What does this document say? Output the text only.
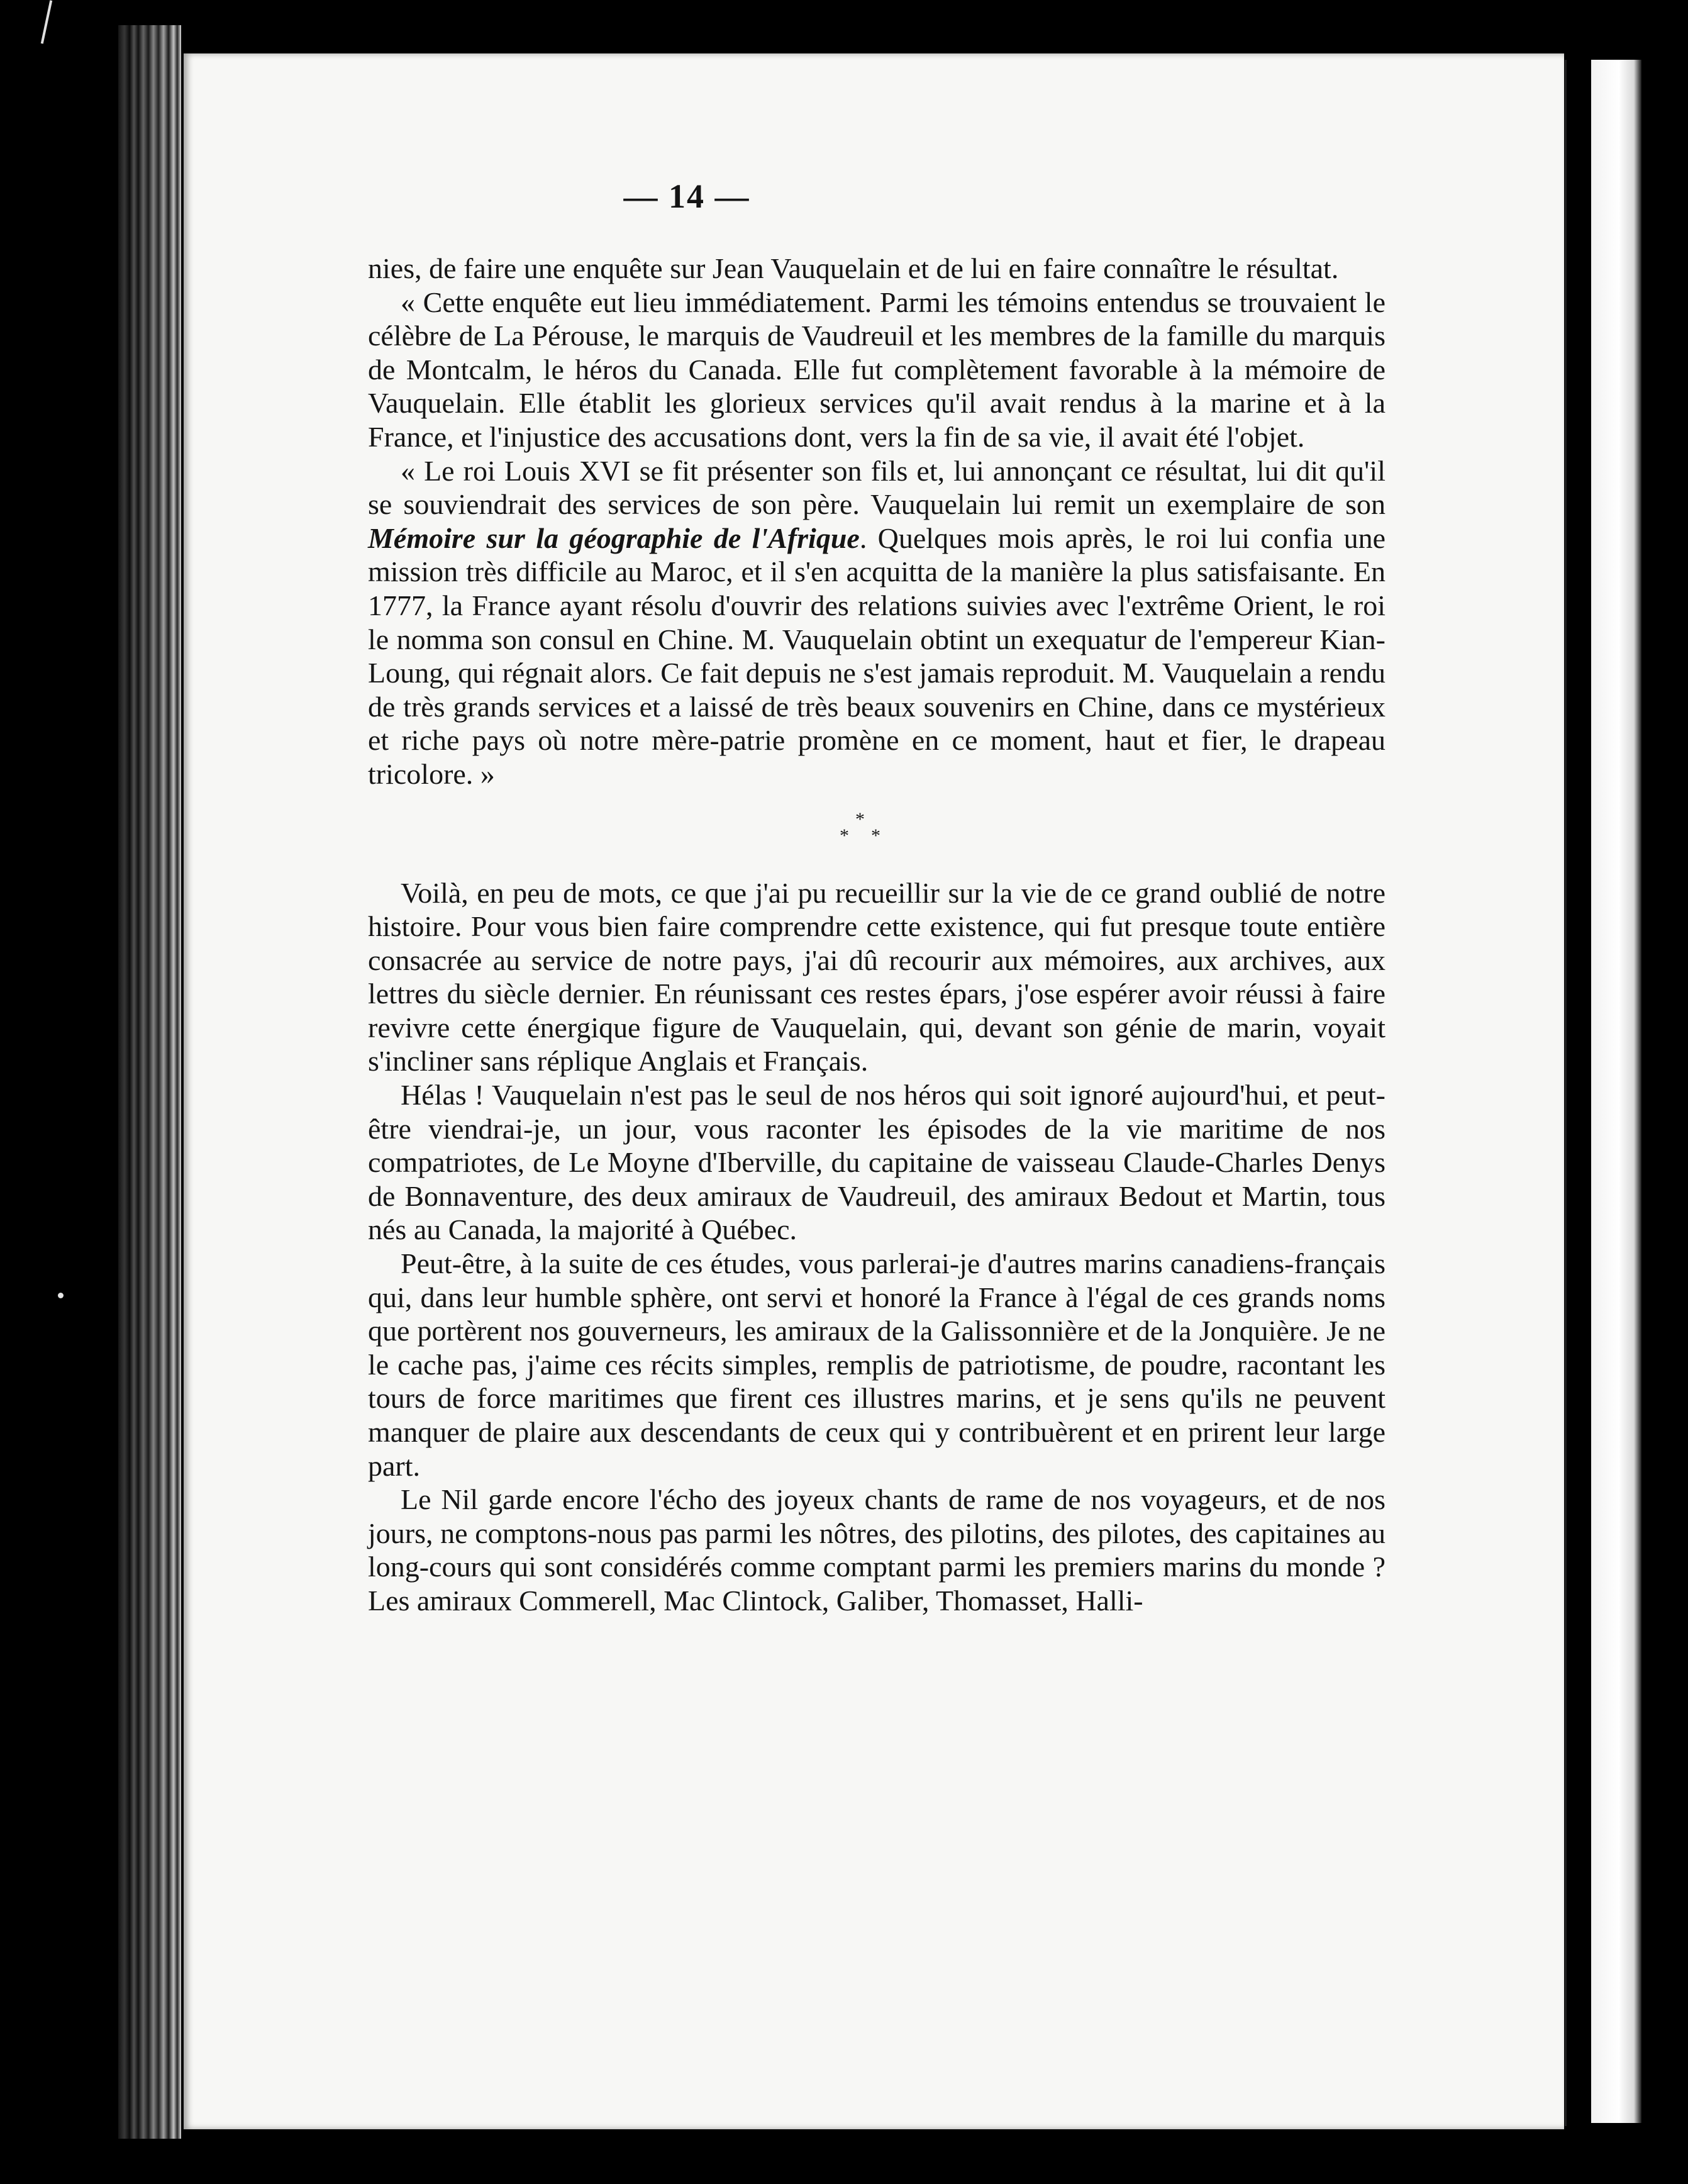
— 14 —

nies, de faire une enquête sur Jean Vauquelain et de lui en faire connaître le résultat.

« Cette enquête eut lieu immédiatement. Parmi les témoins entendus se trouvaient le célèbre de La Pérouse, le marquis de Vaudreuil et les membres de la famille du marquis de Montcalm, le héros du Canada. Elle fut complètement favorable à la mémoire de Vauquelain. Elle établit les glorieux services qu'il avait rendus à la marine et à la France, et l'injustice des accusations dont, vers la fin de sa vie, il avait été l'objet.

« Le roi Louis XVI se fit présenter son fils et, lui annonçant ce résultat, lui dit qu'il se souviendrait des services de son père. Vauquelain lui remit un exemplaire de son Mémoire sur la géographie de l'Afrique. Quelques mois après, le roi lui confia une mission très difficile au Maroc, et il s'en acquitta de la manière la plus satisfaisante. En 1777, la France ayant résolu d'ouvrir des relations suivies avec l'extrême Orient, le roi le nomma son consul en Chine. M. Vauquelain obtint un exequatur de l'empereur Kian-Loung, qui régnait alors. Ce fait depuis ne s'est jamais reproduit. M. Vauquelain a rendu de très grands services et a laissé de très beaux souvenirs en Chine, dans ce mystérieux et riche pays où notre mère-patrie promène en ce moment, haut et fier, le drapeau tricolore. »

*
* *

Voilà, en peu de mots, ce que j'ai pu recueillir sur la vie de ce grand oublié de notre histoire. Pour vous bien faire comprendre cette existence, qui fut presque toute entière consacrée au service de notre pays, j'ai dû recourir aux mémoires, aux archives, aux lettres du siècle dernier. En réunissant ces restes épars, j'ose espérer avoir réussi à faire revivre cette énergique figure de Vauquelain, qui, devant son génie de marin, voyait s'incliner sans réplique Anglais et Français.

Hélas ! Vauquelain n'est pas le seul de nos héros qui soit ignoré aujourd'hui, et peut-être viendrai-je, un jour, vous raconter les épisodes de la vie maritime de nos compatriotes, de Le Moyne d'Iberville, du capitaine de vaisseau Claude-Charles Denys de Bonnaventure, des deux amiraux de Vaudreuil, des amiraux Bedout et Martin, tous nés au Canada, la majorité à Québec.

Peut-être, à la suite de ces études, vous parlerai-je d'autres marins canadiens-français qui, dans leur humble sphère, ont servi et honoré la France à l'égal de ces grands noms que portèrent nos gouverneurs, les amiraux de la Galissonnière et de la Jonquière. Je ne le cache pas, j'aime ces récits simples, remplis de patriotisme, de poudre, racontant les tours de force maritimes que firent ces illustres marins, et je sens qu'ils ne peuvent manquer de plaire aux descendants de ceux qui y contribuèrent et en prirent leur large part.

Le Nil garde encore l'écho des joyeux chants de rame de nos voyageurs, et de nos jours, ne comptons-nous pas parmi les nôtres, des pilotins, des pilotes, des capitaines au long-cours qui sont considérés comme comptant parmi les premiers marins du monde ? Les amiraux Commerell, Mac Clintock, Galiber, Thomasset, Halli-
